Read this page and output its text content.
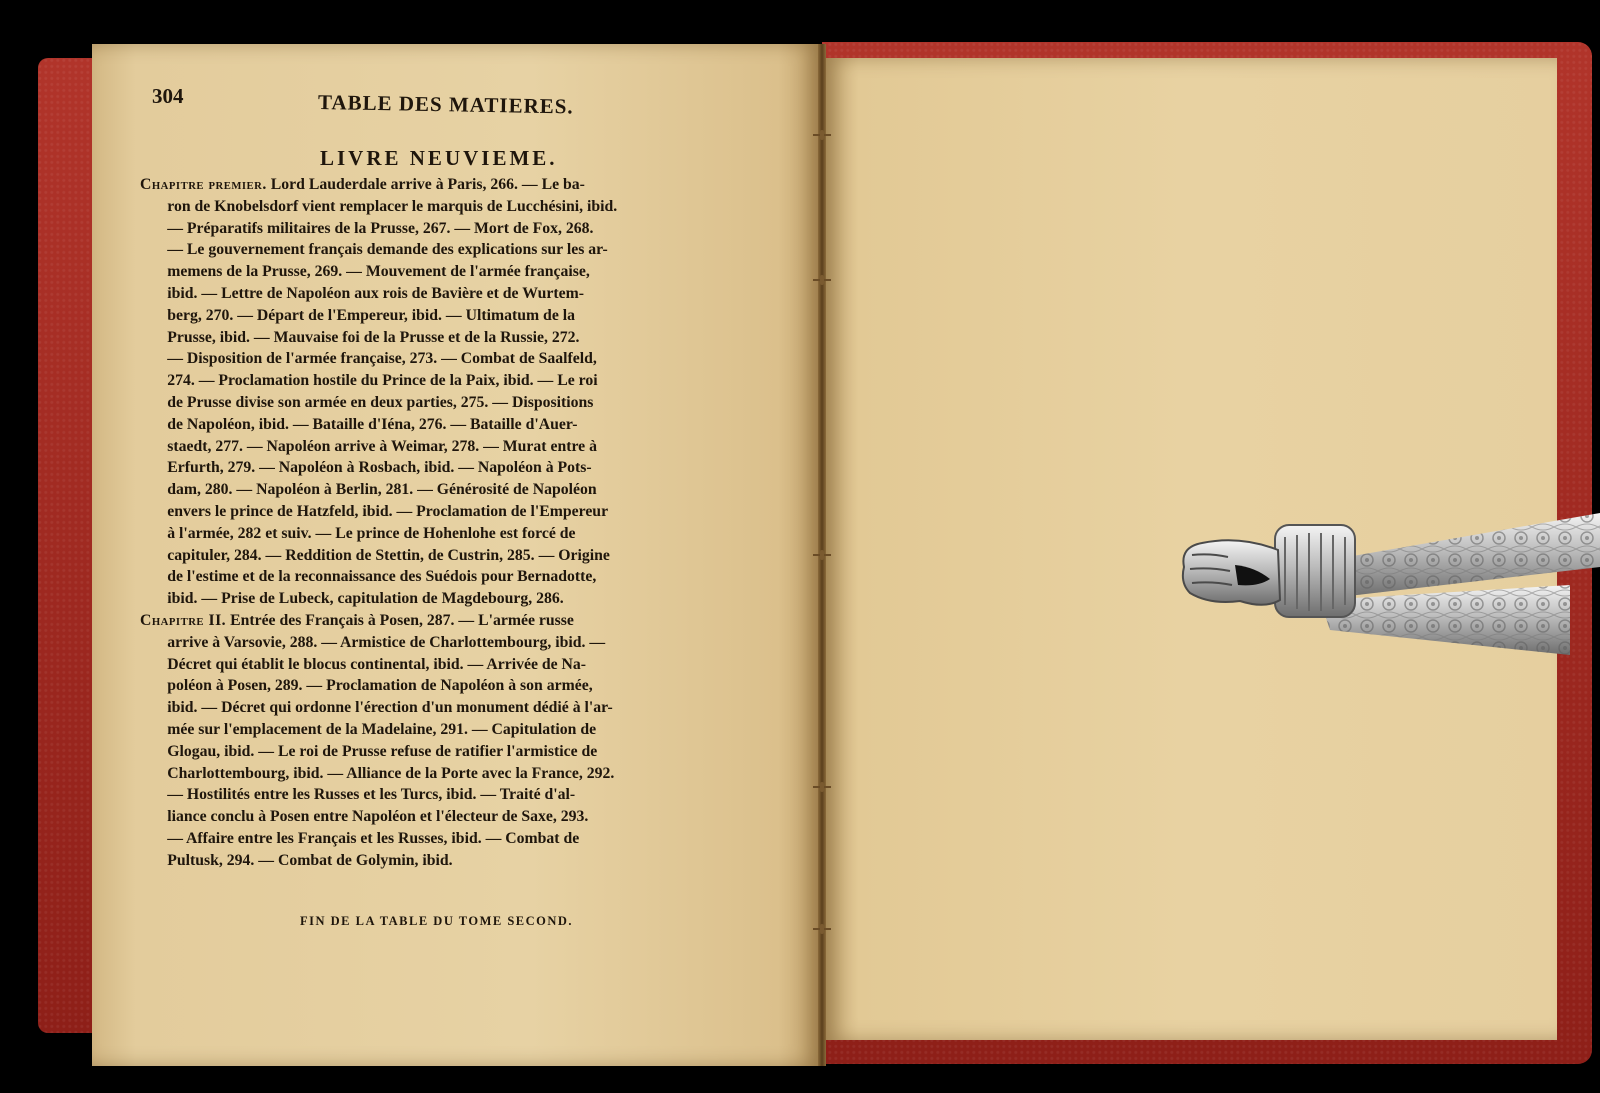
304	TABLE DES MATIERES.
LIVRE NEUVIEME.
Chapitre premier. Lord Lauderdale arrive à Paris, 266. — Le ba-
ron de Knobelsdorf vient remplacer le marquis de Lucchésini, ibid.
— Préparatifs militaires de la Prusse, 267. — Mort de Fox, 268.
— Le gouvernement français demande des explications sur les ar-
memens de la Prusse, 269. — Mouvement de l'armée française,
ibid. — Lettre de Napoléon aux rois de Bavière et de Wurtem-
berg, 270. — Départ de l'Empereur, ibid. — Ultimatum de la
Prusse, ibid. — Mauvaise foi de la Prusse et de la Russie, 272.
— Disposition de l'armée française, 273. — Combat de Saalfeld,
274. — Proclamation hostile du Prince de la Paix, ibid. — Le roi
de Prusse divise son armée en deux parties, 275. — Dispositions
de Napoléon, ibid. — Bataille d'Iéna, 276. — Bataille d'Auer-
staedt, 277. — Napoléon arrive à Weimar, 278. — Murat entre à
Erfurth, 279. — Napoléon à Rosbach, ibid. — Napoléon à Pots-
dam, 280. — Napoléon à Berlin, 281. — Générosité de Napoléon
envers le prince de Hatzfeld, ibid. — Proclamation de l'Empereur
à l'armée, 282 et suiv. — Le prince de Hohenlohe est forcé de
capituler, 284. — Reddition de Stettin, de Custrin, 285. — Origine
de l'estime et de la reconnaissance des Suédois pour Bernadotte,
ibid. — Prise de Lubeck, capitulation de Magdebourg, 286.
Chapitre II. Entrée des Français à Posen, 287. — L'armée russe
arrive à Varsovie, 288. — Armistice de Charlottembourg, ibid. —
Décret qui établit le blocus continental, ibid. — Arrivée de Na-
poléon à Posen, 289. — Proclamation de Napoléon à son armée,
ibid. — Décret qui ordonne l'érection d'un monument dédié à l'ar-
mée sur l'emplacement de la Madelaine, 291. — Capitulation de
Glogau, ibid. — Le roi de Prusse refuse de ratifier l'armistice de
Charlottembourg, ibid. — Alliance de la Porte avec la France, 292.
— Hostilités entre les Russes et les Turcs, ibid. — Traité d'al-
liance conclu à Posen entre Napoléon et l'électeur de Saxe, 293.
— Affaire entre les Français et les Russes, ibid. — Combat de
Pultusk, 294. — Combat de Golymin, ibid.
FIN DE LA TABLE DU TOME SECOND.
